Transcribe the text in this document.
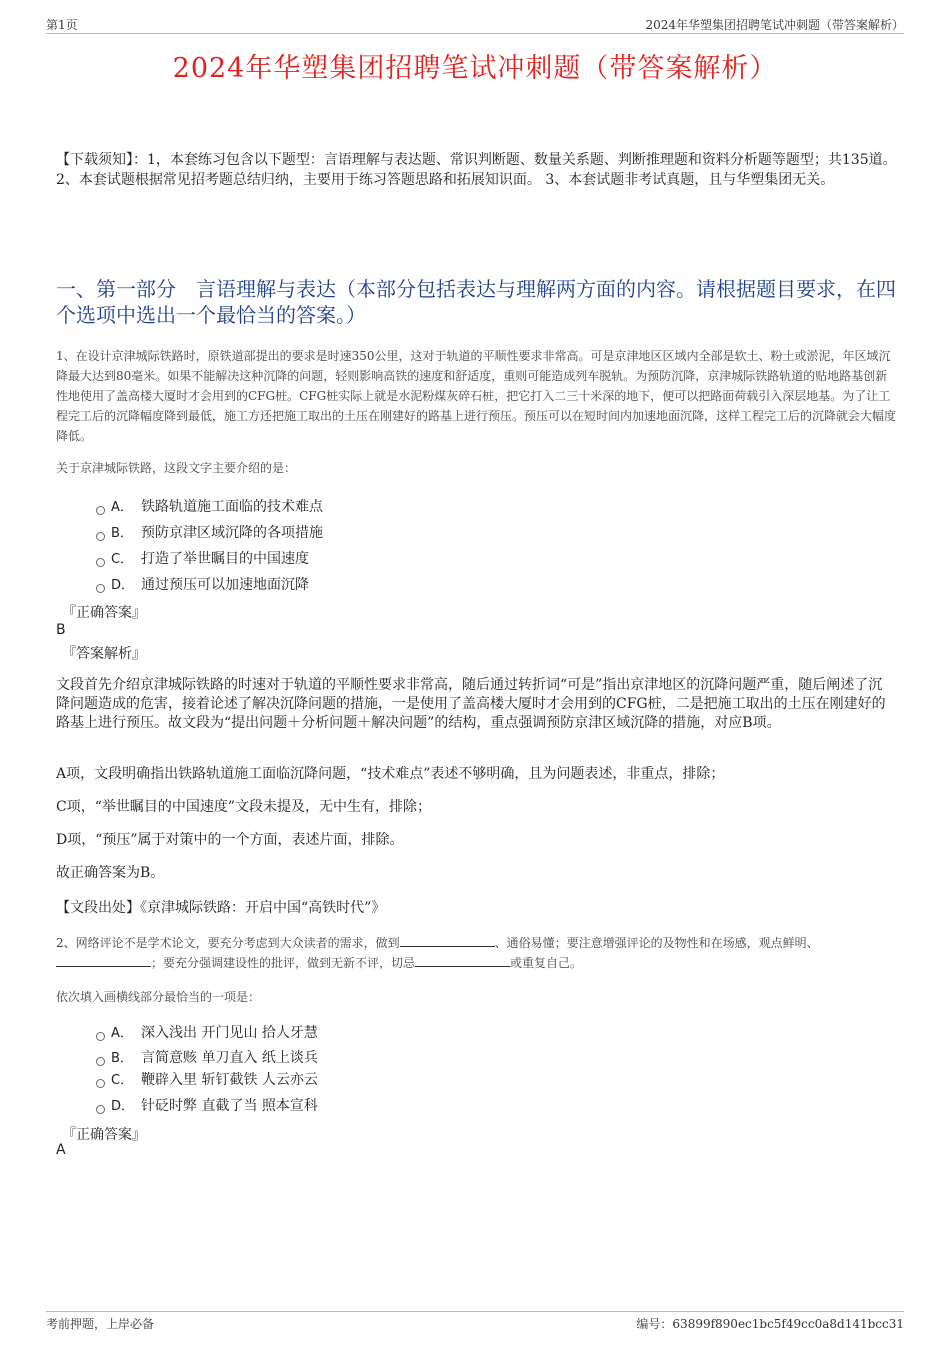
第1页	2024年华塑集团招聘笔试冲刺题（带答案解析）
2024年华塑集团招聘笔试冲刺题（带答案解析）
【下载须知】：1，本套练习包含以下题型：言语理解与表达题、常识判断题、数量关系题、判断推理题和资料分析题等题型；共135道。 2、本套试题根据常见招考题总结归纳，主要用于练习答题思路和拓展知识面。 3、本套试题非考试真题，且与华塑集团无关。
一、第一部分　言语理解与表达（本部分包括表达与理解两方面的内容。请根据题目要求，在四个选项中选出一个最恰当的答案。）
1、在设计京津城际铁路时，原铁道部提出的要求是时速350公里，这对于轨道的平顺性要求非常高。可是京津地区区域内全部是软土、粉土或淤泥，年区域沉降最大达到80毫米。如果不能解决这种沉降的问题，轻则影响高铁的速度和舒适度，重则可能造成列车脱轨。为预防沉降，京津城际铁路轨道的贴地路基创新性地使用了盖高楼大厦时才会用到的CFG桩。CFG桩实际上就是水泥粉煤灰碎石桩，把它打入二三十米深的地下，便可以把路面荷载引入深层地基。为了让工程完工后的沉降幅度降到最低，施工方还把施工取出的土压在刚建好的路基上进行预压。预压可以在短时间内加速地面沉降，这样工程完工后的沉降就会大幅度降低。
关于京津城际铁路，这段文字主要介绍的是：
A． 铁路轨道施工面临的技术难点
B． 预防京津区域沉降的各项措施
C． 打造了举世瞩目的中国速度
D． 通过预压可以加速地面沉降
『正确答案』
B
『答案解析』
文段首先介绍京津城际铁路的时速对于轨道的平顺性要求非常高，随后通过转折词“可是”指出京津地区的沉降问题严重，随后阐述了沉降问题造成的危害，接着论述了解决沉降问题的措施，一是使用了盖高楼大厦时才会用到的CFG桩，二是把施工取出的土压在刚建好的路基上进行预压。故文段为“提出问题＋分析问题＋解决问题”的结构，重点强调预防京津区域沉降的措施，对应B项。
A项，文段明确指出铁路轨道施工面临沉降问题，“技术难点”表述不够明确，且为问题表述，非重点，排除；
C项，“举世瞩目的中国速度”文段未提及，无中生有，排除；
D项，“预压”属于对策中的一个方面，表述片面，排除。
故正确答案为B。
【文段出处】《京津城际铁路：开启中国“高铁时代”》
2、网络评论不是学术论文，要充分考虑到大众读者的需求，做到	、通俗易懂；要注意增强评论的及物性和在场感，观点鲜明、；要充分强调建设性的批评，做到无新不评，切忌	或重复自己。
依次填入画横线部分最恰当的一项是：
A． 深入浅出 开门见山 拾人牙慧
B． 言简意赅 单刀直入 纸上谈兵
C． 鞭辟入里 斩钉截铁 人云亦云
D． 针砭时弊 直截了当 照本宣科
『正确答案』
A
考前押题，上岸必备	编号：63899f890ec1bc5f49cc0a8d141bcc31
